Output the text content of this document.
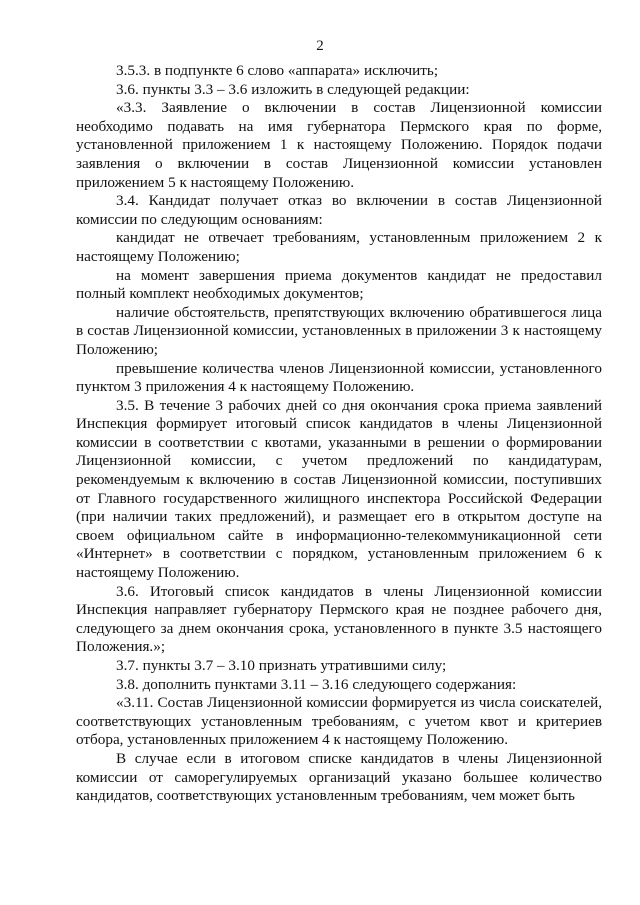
2

3.5.3. в подпункте 6 слово «аппарата» исключить;

3.6. пункты 3.3 – 3.6 изложить в следующей редакции:

«3.3. Заявление о включении в состав Лицензионной комиссии необходимо подавать на имя губернатора Пермского края по форме, установленной приложением 1 к настоящему Положению. Порядок подачи заявления о включении в состав Лицензионной комиссии установлен приложением 5 к настоящему Положению.

3.4. Кандидат получает отказ во включении в состав Лицензионной комиссии по следующим основаниям:

кандидат не отвечает требованиям, установленным приложением 2 к настоящему Положению;

на момент завершения приема документов кандидат не предоставил полный комплект необходимых документов;

наличие обстоятельств, препятствующих включению обратившегося лица в состав Лицензионной комиссии, установленных в приложении 3 к настоящему Положению;

превышение количества членов Лицензионной комиссии, установленного пунктом 3 приложения 4 к настоящему Положению.

3.5. В течение 3 рабочих дней со дня окончания срока приема заявлений Инспекция формирует итоговый список кандидатов в члены Лицензионной комиссии в соответствии с квотами, указанными в решении о формировании Лицензионной комиссии, с учетом предложений по кандидатурам, рекомендуемым к включению в состав Лицензионной комиссии, поступивших от Главного государственного жилищного инспектора Российской Федерации (при наличии таких предложений), и размещает его в открытом доступе на своем официальном сайте в информационно-телекоммуникационной сети «Интернет» в соответствии с порядком, установленным приложением 6 к настоящему Положению.

3.6. Итоговый список кандидатов в члены Лицензионной комиссии Инспекция направляет губернатору Пермского края не позднее рабочего дня, следующего за днем окончания срока, установленного в пункте 3.5 настоящего Положения.»;

3.7. пункты 3.7 – 3.10 признать утратившими силу;

3.8. дополнить пунктами 3.11 – 3.16 следующего содержания:

«3.11. Состав Лицензионной комиссии формируется из числа соискателей, соответствующих установленным требованиям, с учетом квот и критериев отбора, установленных приложением 4 к настоящему Положению.

В случае если в итоговом списке кандидатов в члены Лицензионной комиссии от саморегулируемых организаций указано большее количество кандидатов, соответствующих установленным требованиям, чем может быть
